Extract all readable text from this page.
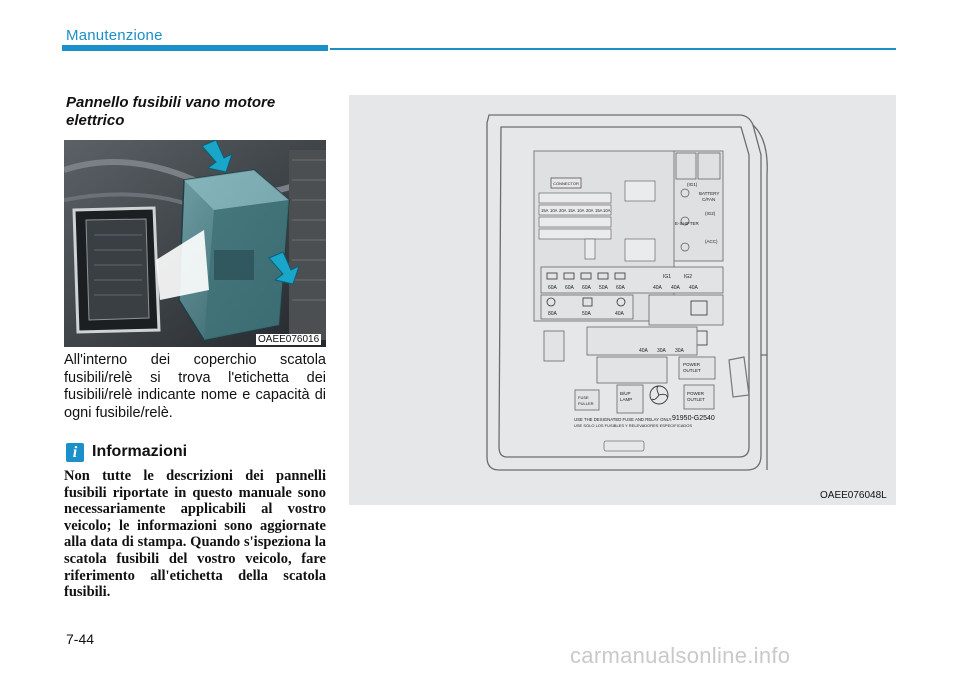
Manutenzione
Pannello fusibili vano motore elettrico
OAEE076016
All'interno dei coperchio scatola fusibili/relè si trova l'etichetta dei fusibili/relè indicante nome e capacità di ogni fusibile/relè.
i Informazioni
Non tutte le descrizioni dei pannelli fusibili riportate in questo manuale sono necessariamente applicabili al vostro veicolo; le informazioni sono aggiornate alla data di stampa. Quando s'ispeziona la scatola fusibili del vostro veicolo, fare riferimento all'etichetta della scatola fusibili.
CONNECTOR
15A 10A 20A 15A 10A 20A 15A 10A
(IG1)
BATTERY
C/FAN
E-SHIFTER
(IG2)
(ACC)
60A 60A 60A 50A 60A	40A 40A 40A
IG1	IG2
80A	50A	40A
40A 30A 30A
POWER
OUTLET
FUSE
PULLER
B/UP
LAMP
POWER
OUTLET
USE THE DESIGNATED FUSE AND RELAY ONLY.
USE SOLO LOS FUSIBLES Y RELEVADORES ESPECIFICADOS
91950-G2540
OAEE076048L
7-44
carmanualsonline.info
